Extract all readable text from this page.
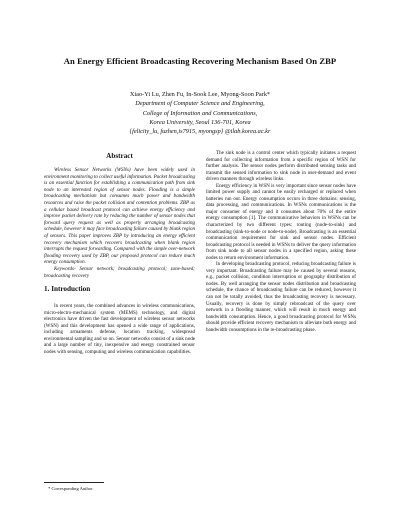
An Energy Efficient Broadcasting Recovering Mechanism Based On ZBP
Xiao-Yi Lu, Zhen Fu, In-Sook Lee, Myong-Soon Park*
Department of Computer Science and Engineering,
College of Information and Communications,
Korea University, Seoul 136-701, Korea
{felicity_lu, fuzhen,is7915, myongsp} @ilab.korea.ac.kr
Abstract

Wireless Sensor Networks (WSNs) have been widely used in environment monitoring to collect useful information. Packet broadcasting is an essential function for establishing a communication path from sink node to an interested region of sensor nodes. Flooding is a simple broadcasting mechanism but consumes much power and bandwidth resources and raise the packet collision and contention problems. ZBP as a cellular based broadcast protocol can achieve energy efficiency and improve packet delivery rate by reducing the number of sensor nodes that forward query request as well as properly arranging broadcasting schedule, however it may face broadcasting failure caused by blank region of sensors. This paper improves ZBP by introducing an energy efficient recovery mechanism which recovers broadcasting when blank region interrupts the request forwarding. Compared with the simple over-network flooding recovery used by ZBP, our proposed protocol can reduce much energy consumption.

Keywords- Sensor network; broadcasting protocol; zone-based; broadcasting recovery

1. Introduction

In recent years, the combined advances in wireless communications, micro-electro-mechanical system (MEMS) technology, and digital electronics have driven the fast development of wireless sensor networks (WSN) and this development has opened a wide range of applications, including armaments defense, location tracking, widespread environmental sampling and so on. Sensor networks consist of a sink node and a large number of tiny, inexpensive and energy constrained sensor nodes with sensing, computing and wireless communication capabilities.

The sink node is a control center which typically initiates a request demand for collecting information from a specific region of WSN for further analysis. The sensor nodes perform distributed sensing tasks and transmit the sensed information to sink node in user-demand and event driven manners through wireless links.

Energy efficiency in WSN is very important since sensor nodes have limited power supply and cannot be easily recharged or replaced when batteries run out. Energy consumption occurs in three domains: sensing, data processing, and communications. In WSNs communications is the major consumer of energy and it consumes about 70% of the entire energy consumption [1]. The communicative behaviors in WSNs can be characterized by two different types: routing (node-to-sink) and broadcasting (sink-to-node or node-to-node). Broadcasting is an essential communication requirement for sink and sensor nodes. Efficient broadcasting protocol is needed in WSNs to deliver the query information from sink node to all sensor nodes in a specified region, asking these nodes to return environment information.

In developing broadcasting protocol, reducing broadcasting failure is very important. Broadcasting failure may be caused by several reasons, e.g., packet collision, condition interruption or geography distribution of nodes. By well arranging the sensor nodes distribution and broadcasting schedule, the chance of broadcasting failure can be reduced, however it can not be totally avoided, thus the broadcasting recovery is necessary. Usually, recovery is done by simply rebroadcast of the query over network in a flooding manner, which will result in much energy and bandwidth consumption. Hence, a good broadcasting protocol for WSNs should provide efficient recovery mechanism to alleviate both energy and bandwidth consumptions in the re-broadcasting phase.

* Corresponding Author
